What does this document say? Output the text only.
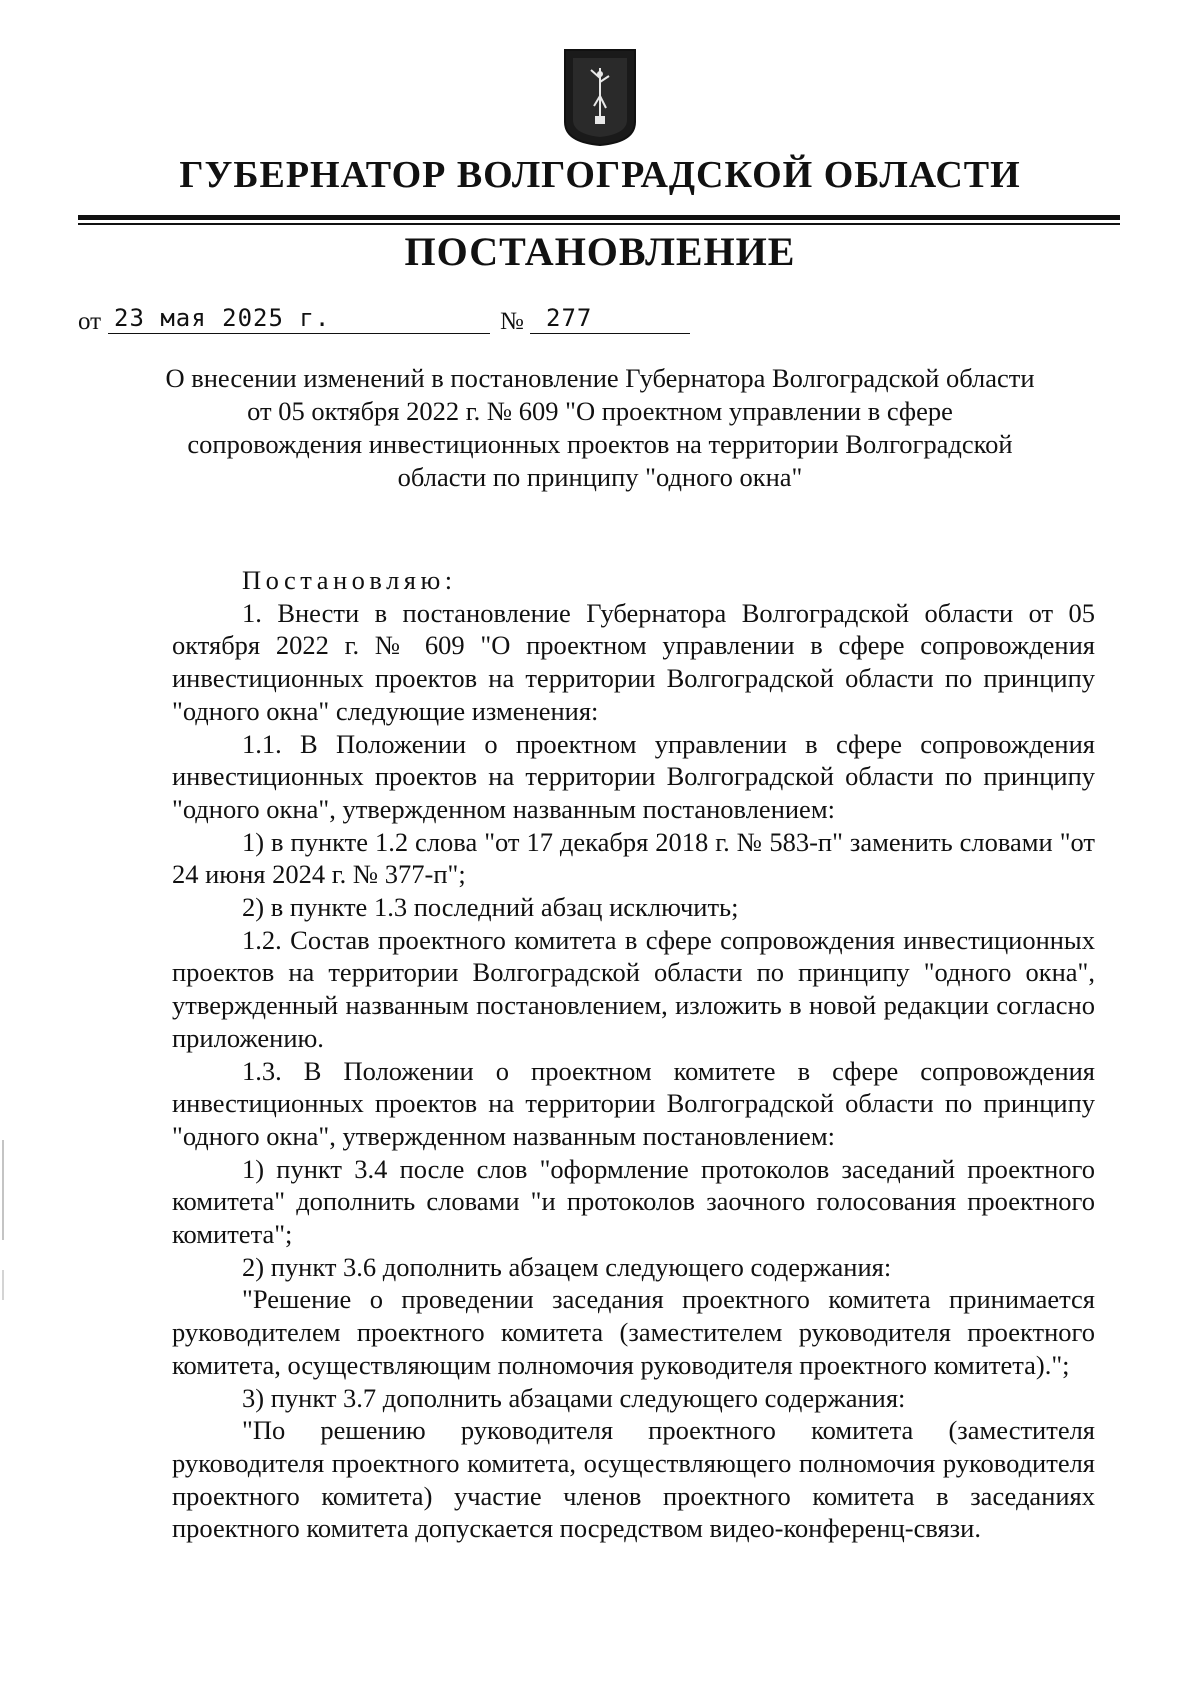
ГУБЕРНАТОР ВОЛГОГРАДСКОЙ ОБЛАСТИ
ПОСТАНОВЛЕНИЕ
от 23 мая 2025 г.	№ 277
О внесении изменений в постановление Губернатора Волгоградской области от 05 октября 2022 г. № 609 "О проектном управлении в сфере сопровождения инвестиционных проектов на территории Волгоградской области по принципу "одного окна"

Постановляю:

1. Внести в постановление Губернатора Волгоградской области от 05 октября 2022 г. № 609 "О проектном управлении в сфере сопровождения инвестиционных проектов на территории Волгоградской области по принципу "одного окна" следующие изменения:

1.1. В Положении о проектном управлении в сфере сопровождения инвестиционных проектов на территории Волгоградской области по принципу "одного окна", утвержденном названным постановлением:

1) в пункте 1.2 слова "от 17 декабря 2018 г. № 583-п" заменить словами "от 24 июня 2024 г. № 377-п";

2) в пункте 1.3 последний абзац исключить;

1.2. Состав проектного комитета в сфере сопровождения инвестиционных проектов на территории Волгоградской области по принципу "одного окна", утвержденный названным постановлением, изложить в новой редакции согласно приложению.

1.3. В Положении о проектном комитете в сфере сопровождения инвестиционных проектов на территории Волгоградской области по принципу "одного окна", утвержденном названным постановлением:

1) пункт 3.4 после слов "оформление протоколов заседаний проектного комитета" дополнить словами "и протоколов заочного голосования проектного комитета";

2) пункт 3.6 дополнить абзацем следующего содержания:

"Решение о проведении заседания проектного комитета принимается руководителем проектного комитета (заместителем руководителя проектного комитета, осуществляющим полномочия руководителя проектного комитета).";

3) пункт 3.7 дополнить абзацами следующего содержания:

"По решению руководителя проектного комитета (заместителя руководителя проектного комитета, осуществляющего полномочия руководителя проектного комитета) участие членов проектного комитета в заседаниях проектного комитета допускается посредством видео-конференц-связи.
